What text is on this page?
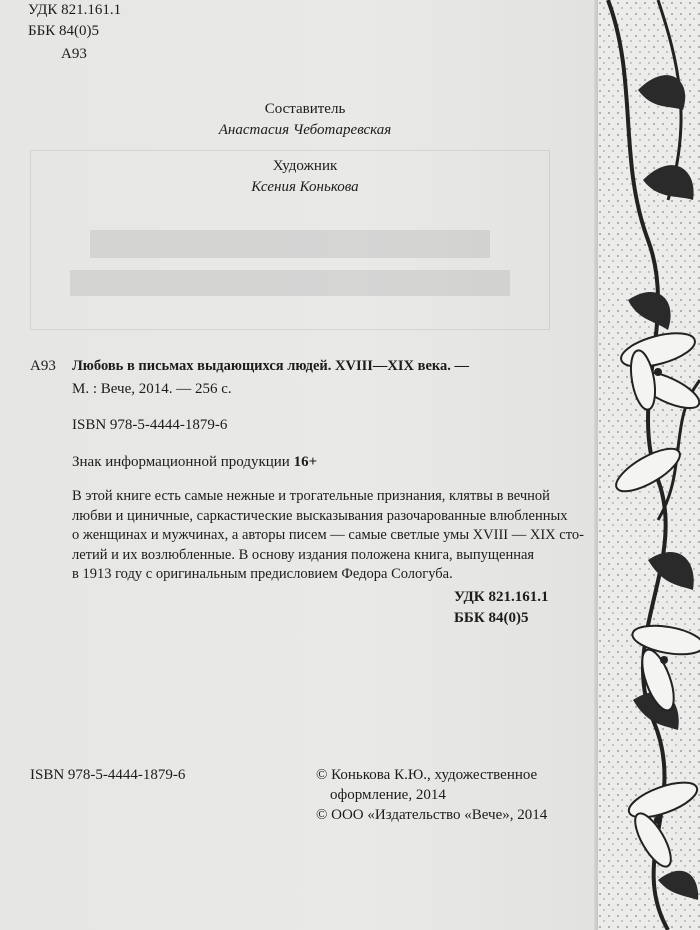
УДК 821.161.1
ББК 84(0)5
А93
Составитель
Анастасия Чеботаревская
Художник
Ксения Конькова
А93 Любовь в письмах выдающихся людей. XVIII—XIX века. —
М. : Вече, 2014. — 256 с.
ISBN 978-5-4444-1879-6
Знак информационной продукции 16+
В этой книге есть самые нежные и трогательные признания, клятвы в вечной
любви и циничные, саркастические высказывания разочарованные влюбленных
о женщинах и мужчинах, а авторы писем — самые светлые умы XVIII — XIX сто-
летий и их возлюбленные. В основу издания положена книга, выпущенная
в 1913 году с оригинальным предисловием Федора Сологуба.
УДК 821.161.1
ББК 84(0)5
ISBN 978-5-4444-1879-6	© Конькова К.Ю., художественное
оформление, 2014
© ООО «Издательство «Вече», 2014
